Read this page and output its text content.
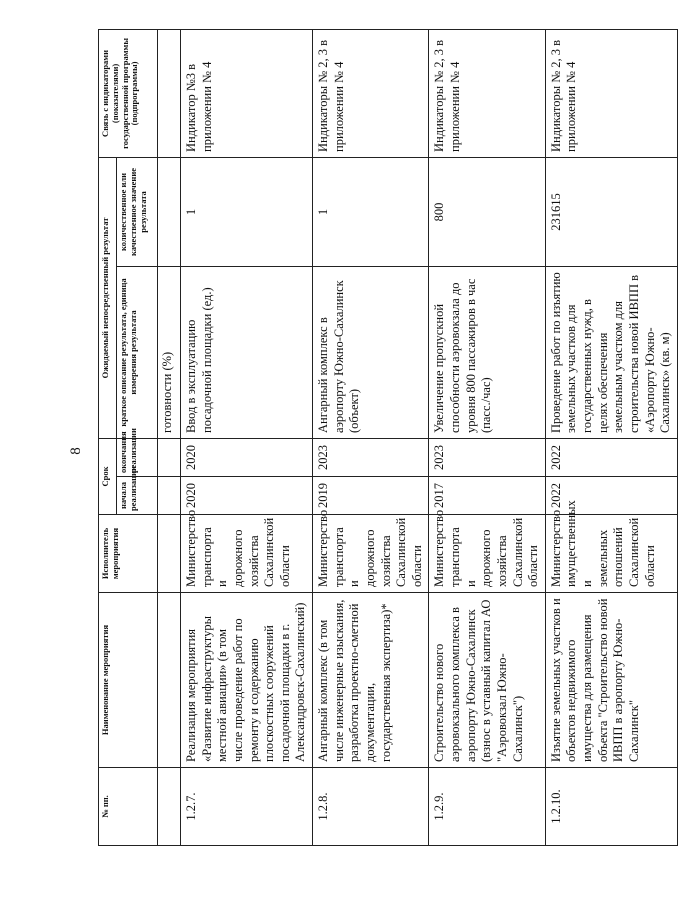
8
№ пп.	Наименование мероприятия	Исполнитель мероприятия	Срок		Ожидаемый непосредственный результат		Связь с индикаторами (показателями) государственной программы (подпрограммы)
			начала реализации	окончания реализации	краткое описание результата, единица измерения результата	количественное или качественное значение результата	
					готовности (%)		
1.2.7.	Реализация мероприятия «Развитие инфраструктуры местной авиации» (в том числе проведение работ по ремонту и содержанию плоскостных сооружений посадочной площадки в г. Александровск-Сахалинский)	Министерство транспорта и дорожного хозяйства Сахалинской области	2020	2020	Ввод в эксплуатацию посадочной площадки (ед.)	1	Индикатор №3 в приложении № 4
1.2.8.	Ангарный комплекс (в том числе инженерные изыскания, разработка проектно-сметной документации, государственная экспертиза)*	Министерство транспорта и дорожного хозяйства Сахалинской области	2019	2023	Ангарный комплекс в аэропорту Южно-Сахалинск (объект)	1	Индикаторы № 2, 3 в приложении № 4
1.2.9.	Строительство нового аэровокзального комплекса в аэропорту Южно-Сахалинск (взнос в уставный капитал АО "Аэровокзал Южно-Сахалинск")	Министерство транспорта и дорожного хозяйства Сахалинской области	2017	2023	Увеличение пропускной способности аэровокзала до уровня 800 пассажиров в час (пасс./час)	800	Индикаторы № 2, 3 в приложении № 4
1.2.10.	Изъятие земельных участков и объектов недвижимого имущества для размещения объекта "Строительство новой ИВПП в аэропорту Южно-Сахалинск"	Министерство имущественных и земельных отношений Сахалинской области	2022	2022	Проведение работ по изъятию земельных участков для государственных нужд, в целях обеспечения земельным участком для строительства новой ИВПП в «Аэропорту Южно-Сахалинск» (кв. м)	231615	Индикаторы № 2, 3 в приложении № 4
